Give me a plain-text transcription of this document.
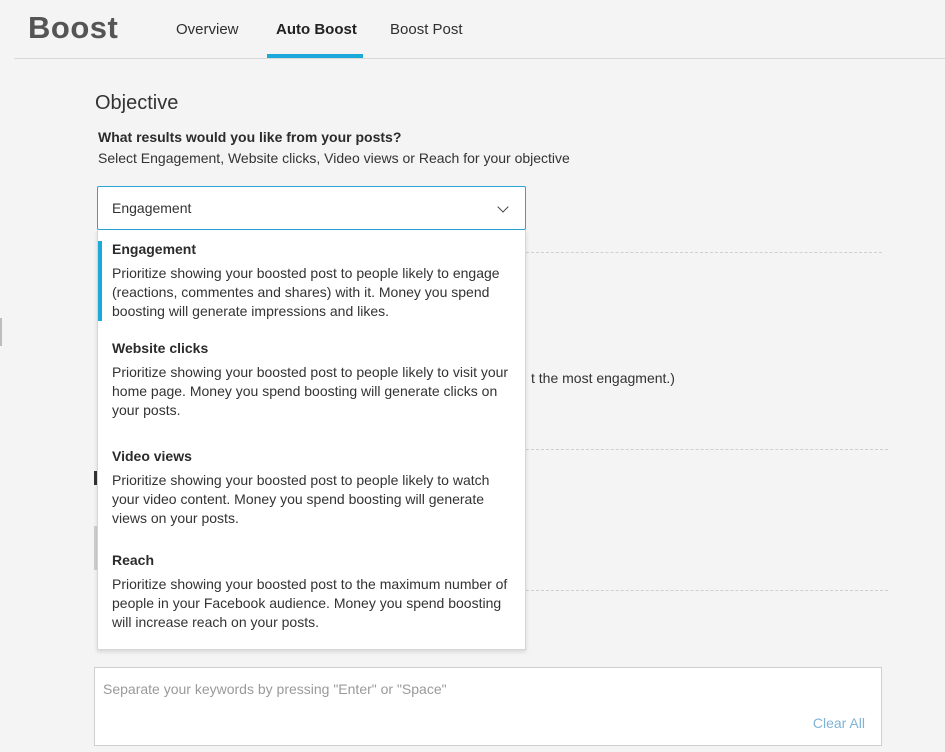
Boost	Overview Auto Boost Boost Post
Objective
What results would you like from your posts?
Select Engagement, Website clicks, Video views or Reach for your objective
t the most engagment.)
Engagement
Engagement
Prioritize showing your boosted post to people likely to engage (reactions, commentes and shares) with it. Money you spend boosting will generate impressions and likes.
Website clicks
Prioritize showing your boosted post to people likely to visit your home page. Money you spend boosting will generate clicks on your posts.
Video views
Prioritize showing your boosted post to people likely to watch your video content. Money you spend boosting will generate views on your posts.
Reach
Prioritize showing your boosted post to the maximum number of people in your Facebook audience. Money you spend boosting will increase reach on your posts.
Separate your keywords by pressing "Enter" or "Space"
Clear All
